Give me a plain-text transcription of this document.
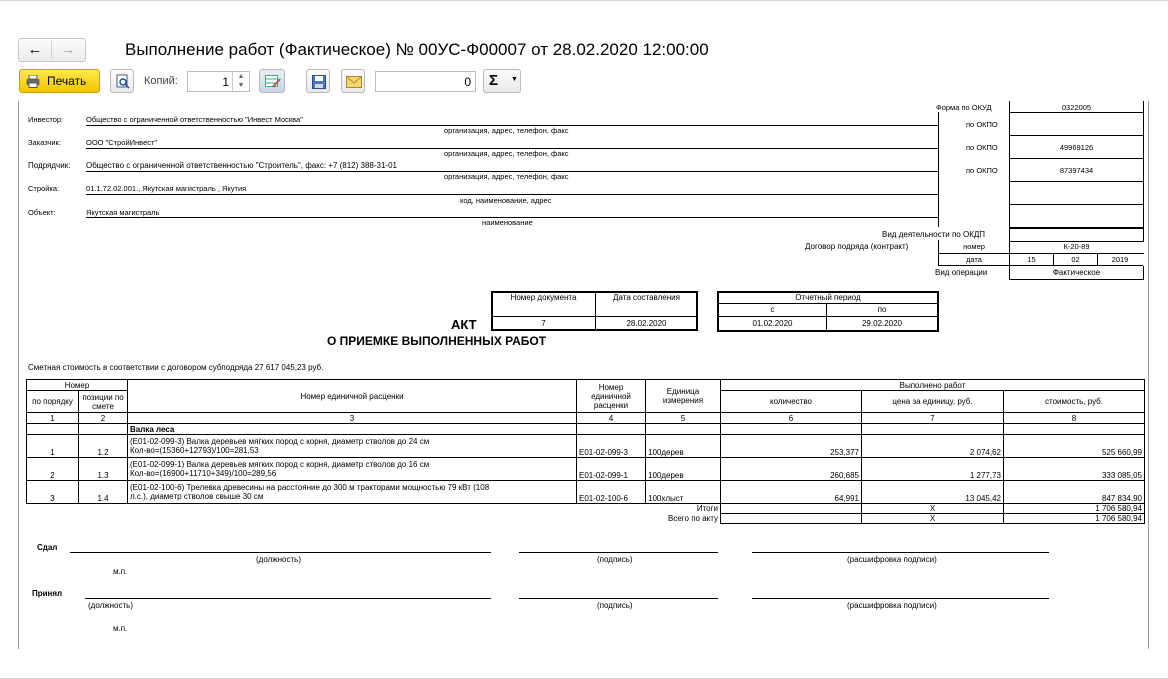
←	→	Выполнение работ (Фактическое) № 00УС-Ф00007 от 28.02.2020 12:00:00
Печать	Копий:	1	▲
▼	0 Σ ▼
Инвестор:	Общество с ограниченной ответственностью "Инвест Москва"
организация, адрес, телефон, факс
Заказчик:	ООО "СтройИнвест"
организация, адрес, телефон, факс
Подрядчик: Общество с ограниченной ответственностью "Строитель", факс: +7 (812) 388-31-01
организация, адрес, телефон, факс
Стройка:	01.1.72.02.001., Якутская магистраль , Якутия
код, наименование, адрес
Объект:	Якутская магистраль
наименование
Форма по ОКУД	0322005
по ОКПО
по ОКПО	49969126
по ОКПО	87397434
Вид деятельности по ОКДП
Договор подряда (контракт)	номер	К-20-89
дата	15	02	2019
Вид операции	Фактическое
Номер документа	Дата составления
7	28.02.2020
Отчетный период
с	по
01.02.2020	29.02.2020
АКТ
О ПРИЕМКЕ ВЫПОЛНЕННЫХ РАБОТ
Сметная стоимость в соответствии с договором субподряда 27 617 045,23 руб.
Номер		Номер единичной расценки	Номер единичной расценки	Единица измерения	Выполнено работ		
по порядку	позиции по смете				количество	цена за единицу, руб.	стоимость, руб.
1	2	3	4	5	6	7	8
		Валка леса					
1	1.2	(Е01-02-099-3) Валка деревьев мягких пород с корня, диаметр стволов до 24 см
Кол-во=(15360+12793)/100=281,53	Е01-02-099-3	100дерев	253,377	2 074,62	525 660,99
2	1.3	(Е01-02-099-1) Валка деревьев мягких пород с корня, диаметр стволов до 16 см
Кол-во=(16900+11710+349)/100=289,56	Е01-02-099-1	100дерев	260,685	1 277,73	333 085,05
3	1.4	(Е01-02-100-6) Трелевка древесины на расстояние до 300 м тракторами мощностью 79 кВт (108
л.с.), диаметр стволов свыше 30 см	Е01-02-100-6	100хлыст	64,991	13 045,42	847 834,90
Итоги						X	1 706 580,94
Всего по акту						X	1 706 580,94
Сдал
(должность)	(подпись)	(расшифровка подписи)
м.п.
Принял
(должность)	(подпись)	(расшифровка подписи)
м.п.
